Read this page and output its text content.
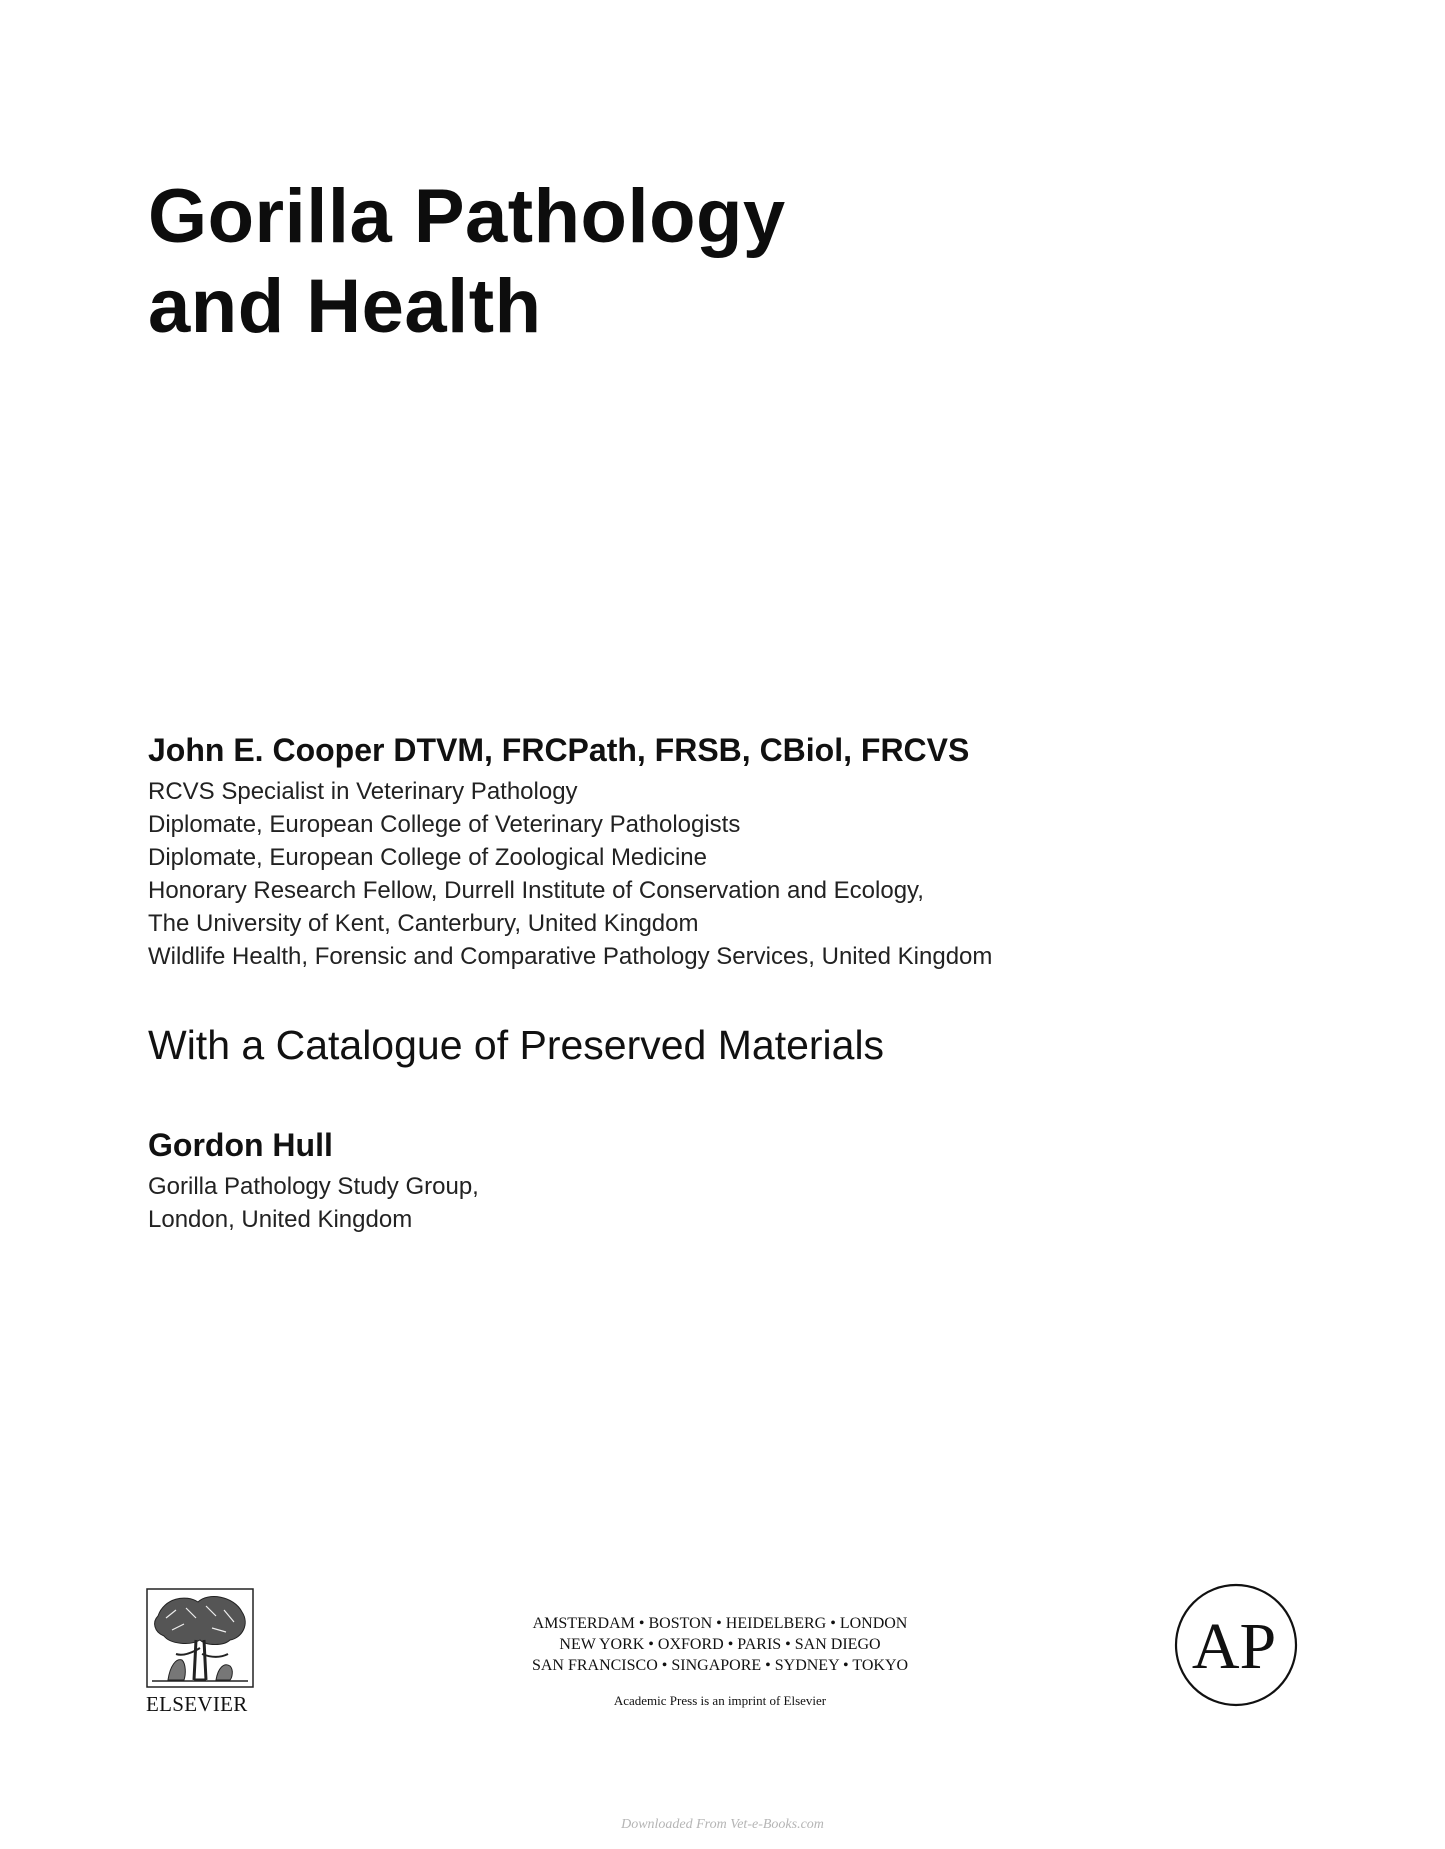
Gorilla Pathology
and Health
John E. Cooper DTVM, FRCPath, FRSB, CBiol, FRCVS
RCVS Specialist in Veterinary Pathology
Diplomate, European College of Veterinary Pathologists
Diplomate, European College of Zoological Medicine
Honorary Research Fellow, Durrell Institute of Conservation and Ecology,
The University of Kent, Canterbury, United Kingdom
Wildlife Health, Forensic and Comparative Pathology Services, United Kingdom
With a Catalogue of Preserved Materials
Gordon Hull
Gorilla Pathology Study Group,
London, United Kingdom
ELSEVIER
AMSTERDAM • BOSTON • HEIDELBERG • LONDON
NEW YORK • OXFORD • PARIS • SAN DIEGO
SAN FRANCISCO • SINGAPORE • SYDNEY • TOKYO
Academic Press is an imprint of Elsevier
AP
Downloaded From Vet-e-Books.com
